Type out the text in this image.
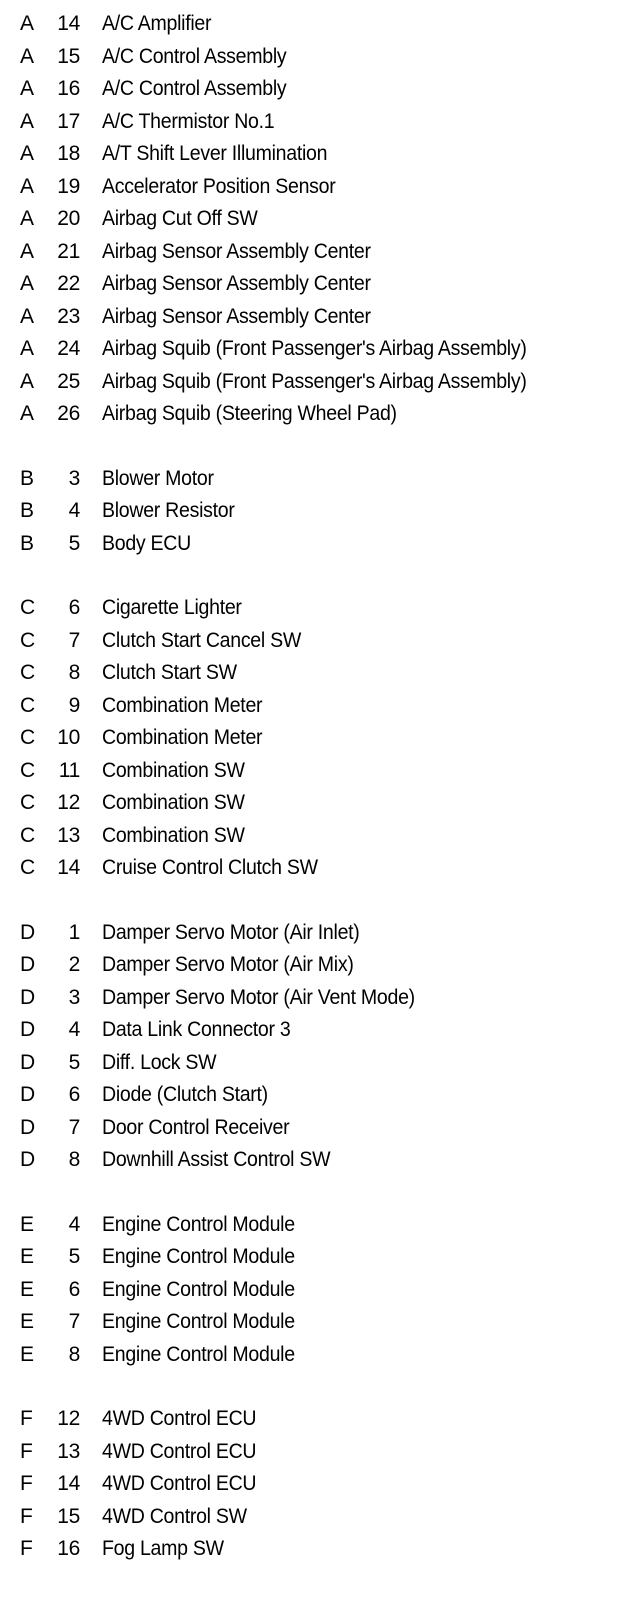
A	14 A/C Amplifier
A	15 A/C Control Assembly
A	16 A/C Control Assembly
A	17 A/C Thermistor No.1
A	18 A/T Shift Lever Illumination
A	19 Accelerator Position Sensor
A	20 Airbag Cut Off SW
A	21 Airbag Sensor Assembly Center
A	22 Airbag Sensor Assembly Center
A	23 Airbag Sensor Assembly Center
A	24 Airbag Squib (Front Passenger's Airbag Assembly)
A	25 Airbag Squib (Front Passenger's Airbag Assembly)
A	26 Airbag Squib (Steering Wheel Pad)
B	3 Blower Motor
B	4 Blower Resistor
B	5 Body ECU
C	6 Cigarette Lighter
C	7 Clutch Start Cancel SW
C	8 Clutch Start SW
C	9 Combination Meter
C	10 Combination Meter
C	11 Combination SW
C	12 Combination SW
C	13 Combination SW
C	14 Cruise Control Clutch SW
D	1 Damper Servo Motor (Air Inlet)
D	2 Damper Servo Motor (Air Mix)
D	3 Damper Servo Motor (Air Vent Mode)
D	4 Data Link Connector 3
D	5 Diff. Lock SW
D	6 Diode (Clutch Start)
D	7 Door Control Receiver
D	8 Downhill Assist Control SW
E	4 Engine Control Module
E	5 Engine Control Module
E	6 Engine Control Module
E	7 Engine Control Module
E	8 Engine Control Module
F	12 4WD Control ECU
F	13 4WD Control ECU
F	14 4WD Control ECU
F	15 4WD Control SW
F	16 Fog Lamp SW
